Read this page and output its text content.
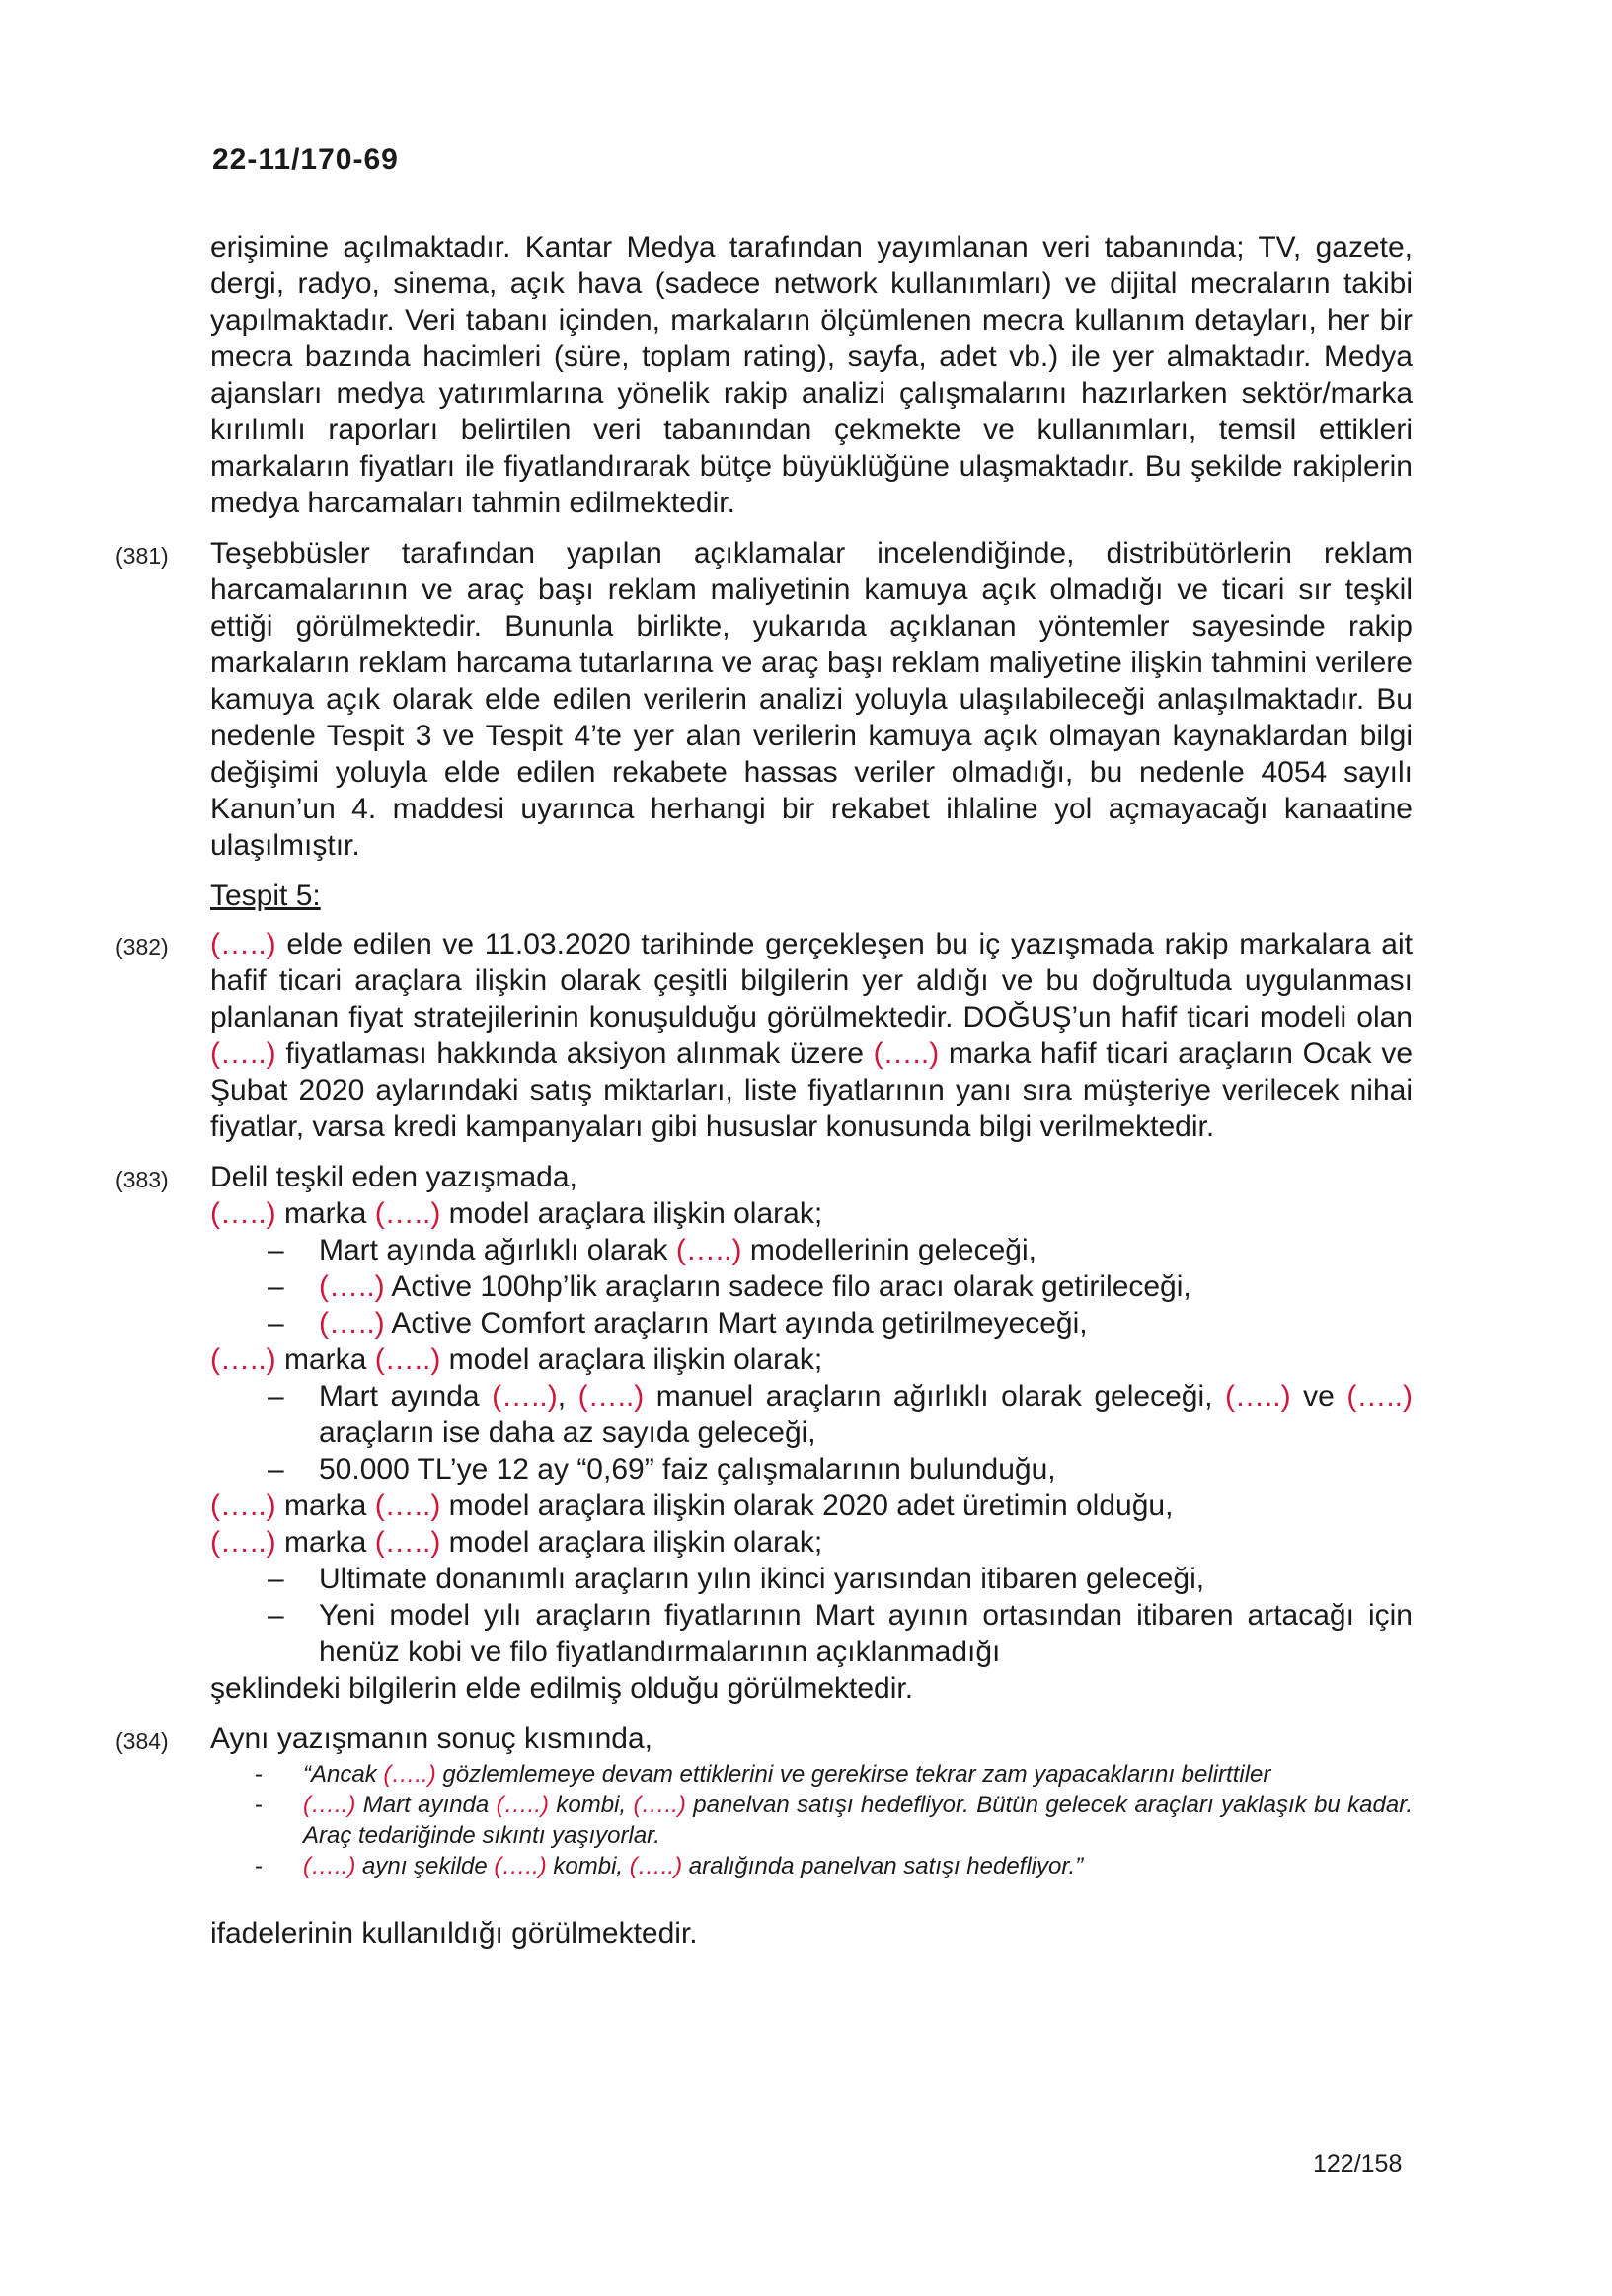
22-11/170-69

erişimine açılmaktadır. Kantar Medya tarafından yayımlanan veri tabanında; TV, gazete, dergi, radyo, sinema, açık hava (sadece network kullanımları) ve dijital mecraların takibi yapılmaktadır. Veri tabanı içinden, markaların ölçümlenen mecra kullanım detayları, her bir mecra bazında hacimleri (süre, toplam rating), sayfa, adet vb.) ile yer almaktadır. Medya ajansları medya yatırımlarına yönelik rakip analizi çalışmalarını hazırlarken sektör/marka kırılımlı raporları belirtilen veri tabanından çekmekte ve kullanımları, temsil ettikleri markaların fiyatları ile fiyatlandırarak bütçe büyüklüğüne ulaşmaktadır. Bu şekilde rakiplerin medya harcamaları tahmin edilmektedir.

(381) Teşebbüsler tarafından yapılan açıklamalar incelendiğinde, distribütörlerin reklam harcamalarının ve araç başı reklam maliyetinin kamuya açık olmadığı ve ticari sır teşkil ettiği görülmektedir. Bununla birlikte, yukarıda açıklanan yöntemler sayesinde rakip markaların reklam harcama tutarlarına ve araç başı reklam maliyetine ilişkin tahmini verilere kamuya açık olarak elde edilen verilerin analizi yoluyla ulaşılabileceği anlaşılmaktadır. Bu nedenle Tespit 3 ve Tespit 4’te yer alan verilerin kamuya açık olmayan kaynaklardan bilgi değişimi yoluyla elde edilen rekabete hassas veriler olmadığı, bu nedenle 4054 sayılı Kanun’un 4. maddesi uyarınca herhangi bir rekabet ihlaline yol açmayacağı kanaatine ulaşılmıştır.
Tespit 5:
(382) (…..) elde edilen ve 11.03.2020 tarihinde gerçekleşen bu iç yazışmada rakip markalara ait hafif ticari araçlara ilişkin olarak çeşitli bilgilerin yer aldığı ve bu doğrultuda uygulanması planlanan fiyat stratejilerinin konuşulduğu görülmektedir. DOĞUŞ’un hafif ticari modeli olan (…..) fiyatlaması hakkında aksiyon alınmak üzere (…..) marka hafif ticari araçların Ocak ve Şubat 2020 aylarındaki satış miktarları, liste fiyatlarının yanı sıra müşteriye verilecek nihai fiyatlar, varsa kredi kampanyaları gibi hususlar konusunda bilgi verilmektedir.
(383) Delil teşkil eden yazışmada,

(…..) marka (…..) model araçlara ilişkin olarak;

– Mart ayında ağırlıklı olarak (…..) modellerinin geleceği,

– (…..) Active 100hp’lik araçların sadece filo aracı olarak getirileceği,

– (…..) Active Comfort araçların Mart ayında getirilmeyeceği,

(…..) marka (…..) model araçlara ilişkin olarak;

– Mart ayında (…..), (…..) manuel araçların ağırlıklı olarak geleceği, (…..) ve (…..) araçların ise daha az sayıda geleceği,

– 50.000 TL’ye 12 ay “0,69” faiz çalışmalarının bulunduğu,

(…..) marka (…..) model araçlara ilişkin olarak 2020 adet üretimin olduğu,

(…..) marka (…..) model araçlara ilişkin olarak;

– Ultimate donanımlı araçların yılın ikinci yarısından itibaren geleceği,

– Yeni model yılı araçların fiyatlarının Mart ayının ortasından itibaren artacağı için henüz kobi ve filo fiyatlandırmalarının açıklanmadığı

şeklindeki bilgilerin elde edilmiş olduğu görülmektedir.

(384) Aynı yazışmanın sonuç kısmında,

- “Ancak (…..) gözlemlemeye devam ettiklerini ve gerekirse tekrar zam yapacaklarını belirttiler

- (…..) Mart ayında (…..) kombi, (…..) panelvan satışı hedefliyor. Bütün gelecek araçları yaklaşık bu kadar. Araç tedariğinde sıkıntı yaşıyorlar.

- (…..) aynı şekilde (…..) kombi, (…..) aralığında panelvan satışı hedefliyor.”

ifadelerinin kullanıldığı görülmektedir.

122/158
